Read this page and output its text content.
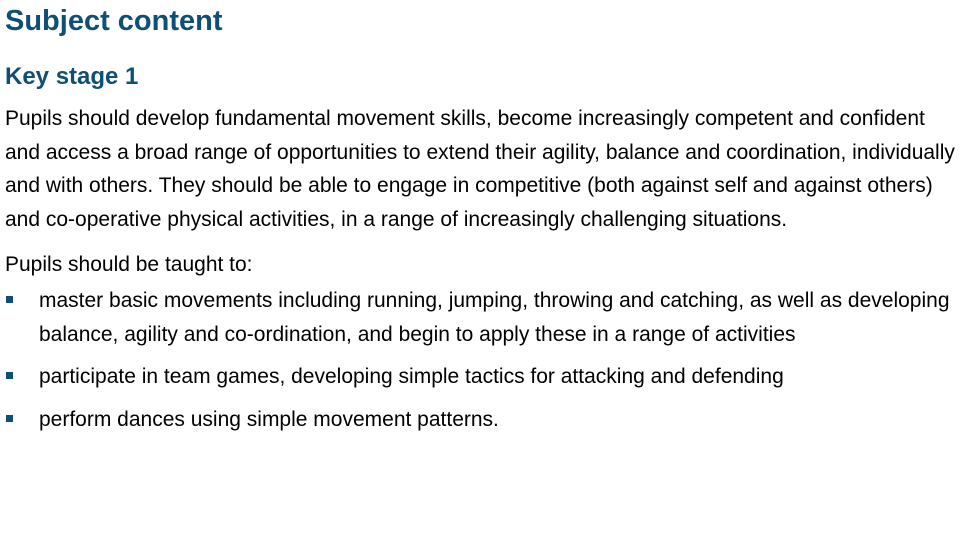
Subject content
Key stage 1

Pupils should develop fundamental movement skills, become increasingly competent and confident and access a broad range of opportunities to extend their agility, balance and coordination, individually and with others. They should be able to engage in competitive (both against self and against others) and co-operative physical activities, in a range of increasingly challenging situations.

Pupils should be taught to:

master basic movements including running, jumping, throwing and catching, as well as developing balance, agility and co-ordination, and begin to apply these in a range of activities
participate in team games, developing simple tactics for attacking and defending
perform dances using simple movement patterns.
